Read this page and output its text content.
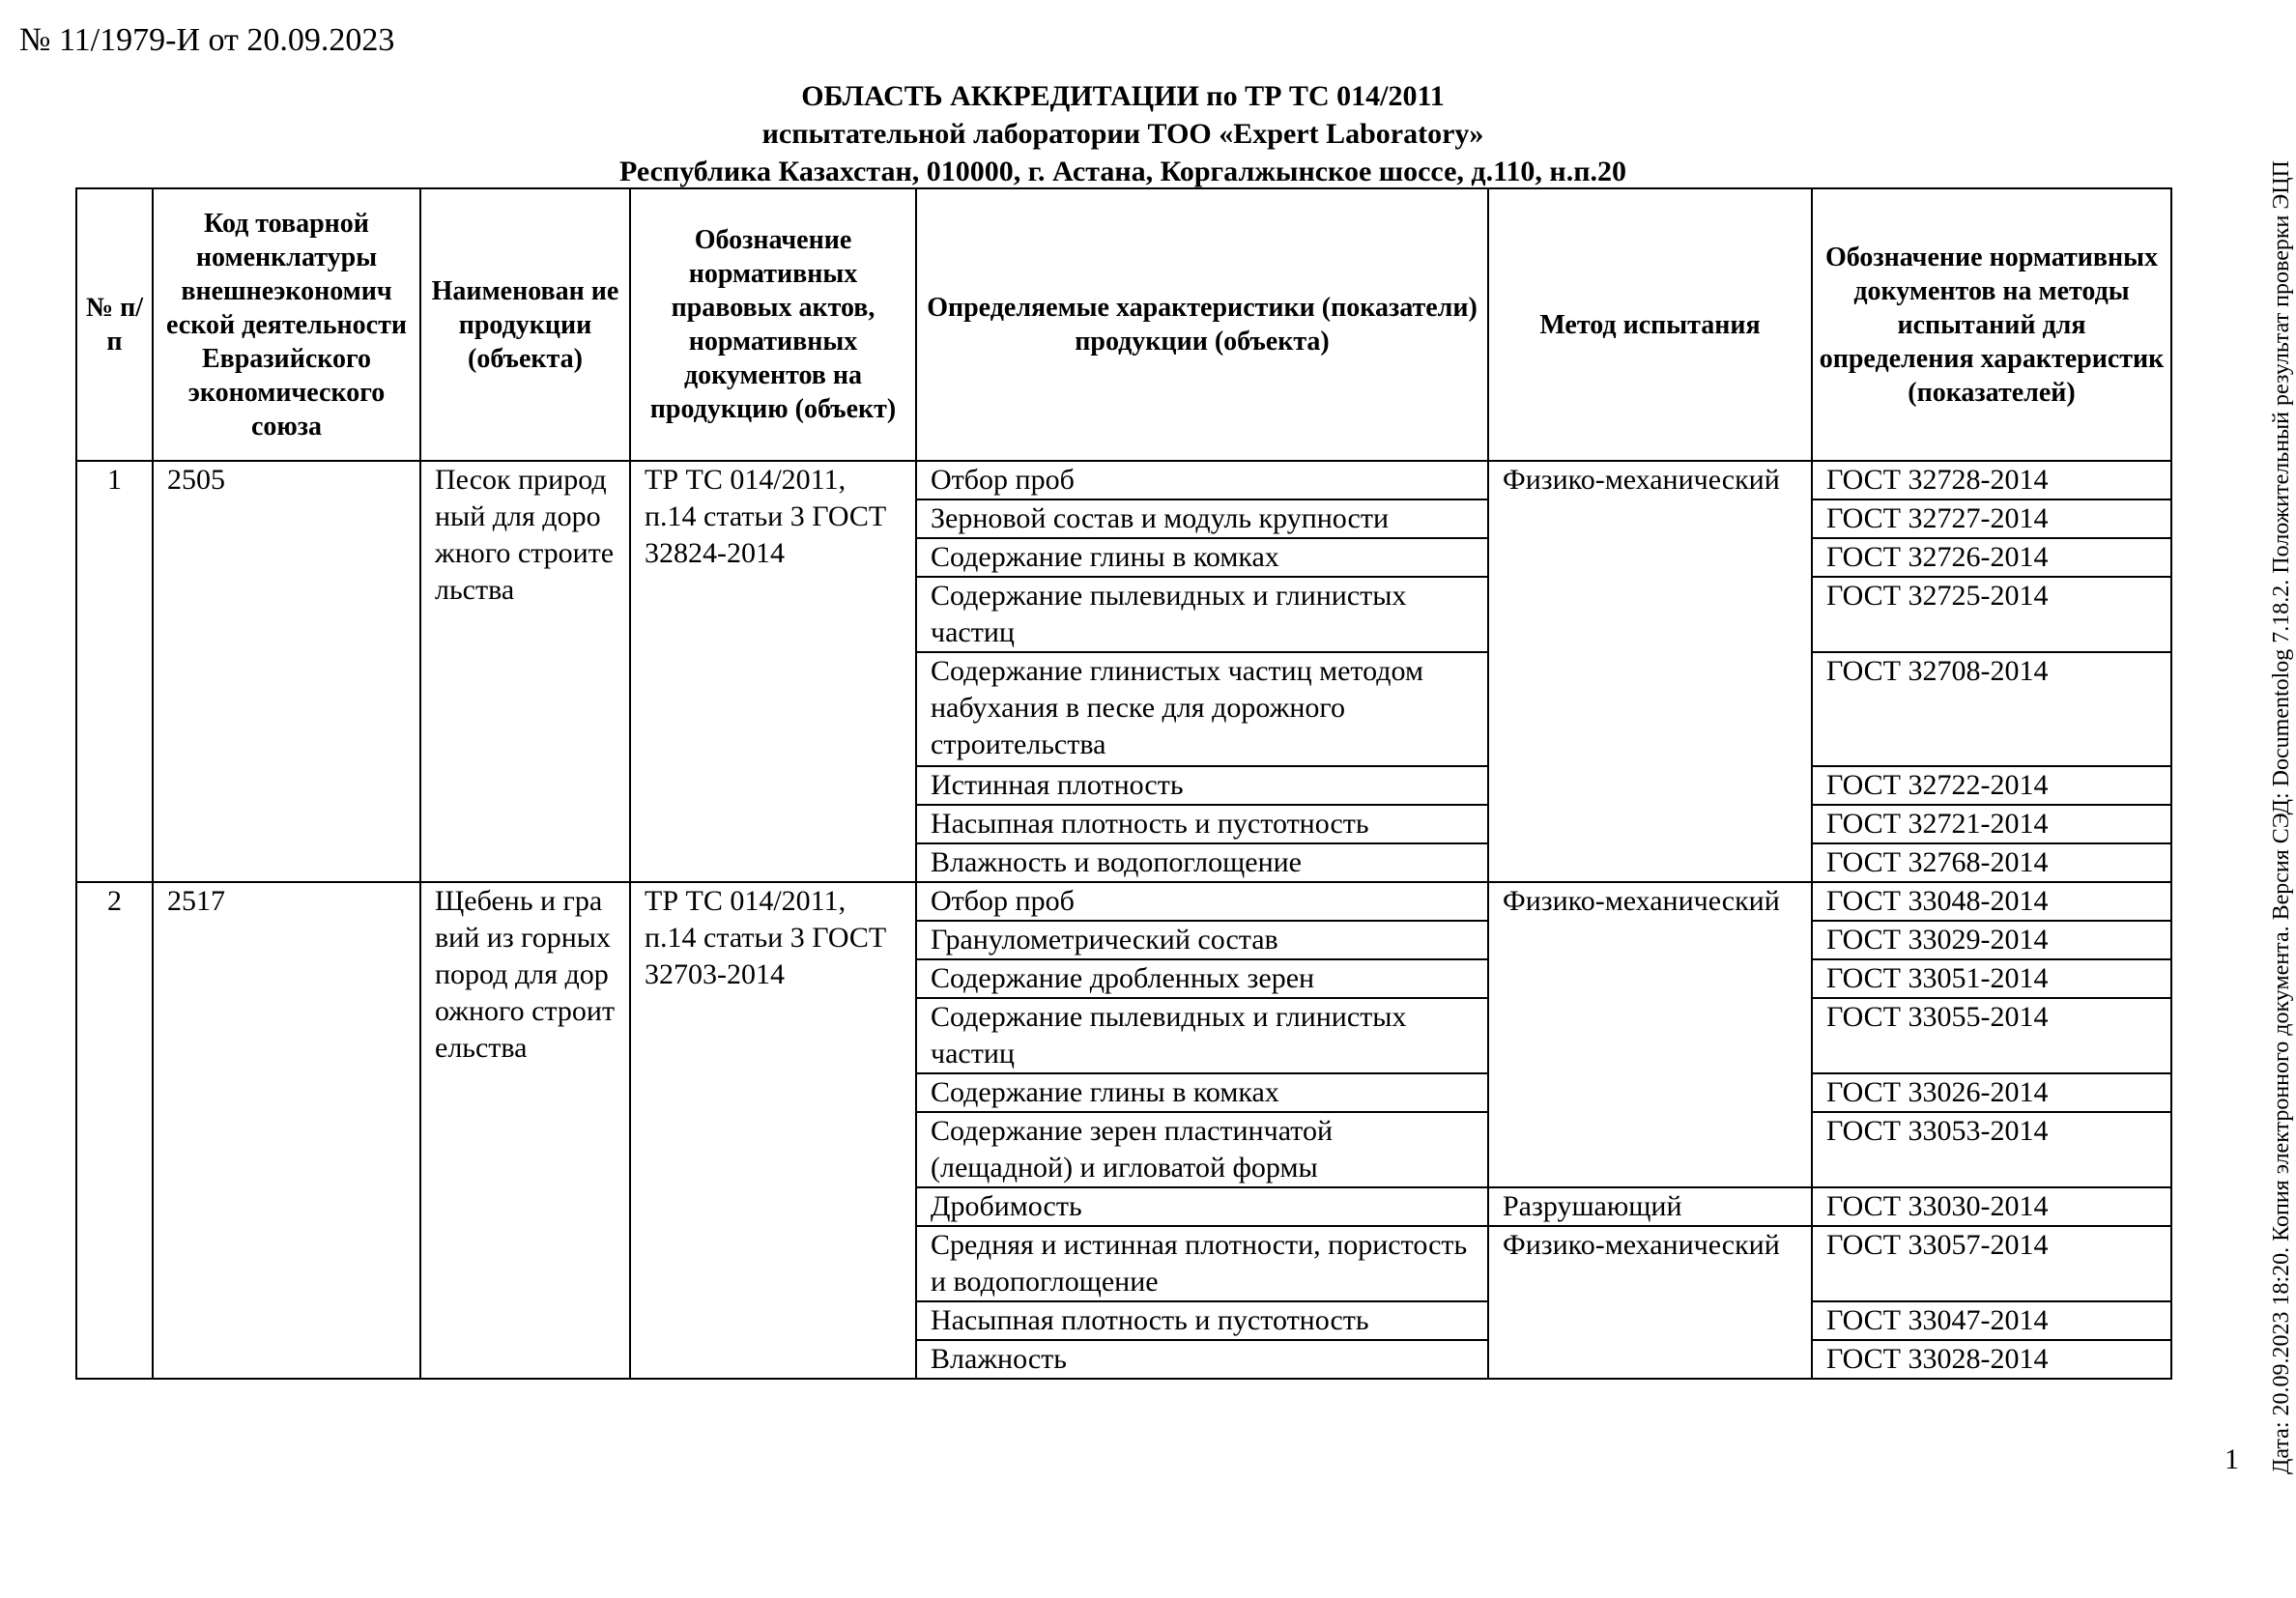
№ 11/1979-И от 20.09.2023
ОБЛАСТЬ АККРЕДИТАЦИИ по ТР ТС 014/2011
испытательной лаборатории ТОО «Expert Laboratory»
Республика Казахстан, 010000, г. Астана, Коргалжынское шоссе, д.110, н.п.20
№ п/п	Код товарной номенклатуры внешнеэкономич еской деятельности Евразийского экономического союза	Наименован ие продукции (объекта)	Обозначение нормативных правовых актов, нормативных документов на продукцию (объект)	Определяемые характеристики (показатели) продукции (объекта)	Метод испытания	Обозначение нормативных документов на методы испытаний для определения характеристик (показателей)
1	2505	Песок природный для дорожного строительства	ТР ТС 014/2011, п.14 статьи 3 ГОСТ 32824-2014	Отбор проб	Физико-механический	ГОСТ 32728-2014
				Зерновой состав и модуль крупности		ГОСТ 32727-2014
				Содержание глины в комках		ГОСТ 32726-2014
				Содержание пылевидных и глинистых частиц		ГОСТ 32725-2014
				Содержание глинистых частиц методом набухания в песке для дорожного строительства		ГОСТ 32708-2014
				Истинная плотность		ГОСТ 32722-2014
				Насыпная плотность и пустотность		ГОСТ 32721-2014
				Влажность и водопоглощение		ГОСТ 32768-2014
2	2517	Щебень и гравий из горных пород для дорожного строительства	ТР ТС 014/2011, п.14 статьи 3 ГОСТ 32703-2014	Отбор проб	Физико-механический	ГОСТ 33048-2014
				Гранулометрический состав		ГОСТ 33029-2014
				Содержание дробленных зерен		ГОСТ 33051-2014
				Содержание пылевидных и глинистых частиц		ГОСТ 33055-2014
				Содержание глины в комках		ГОСТ 33026-2014
				Содержание зерен пластинчатой (лещадной) и игловатой формы		ГОСТ 33053-2014
				Дробимость	Разрушающий	ГОСТ 33030-2014
				Средняя и истинная плотности, пористость и водопоглощение	Физико-механический	ГОСТ 33057-2014
				Насыпная плотность и пустотность		ГОСТ 33047-2014
				Влажность		ГОСТ 33028-2014	Дата: 20.09.2023 18:20. Копия электронного документа. Версия СЭД: Documentolog 7.18.2. Положительный результат проверки ЭЦП
1
